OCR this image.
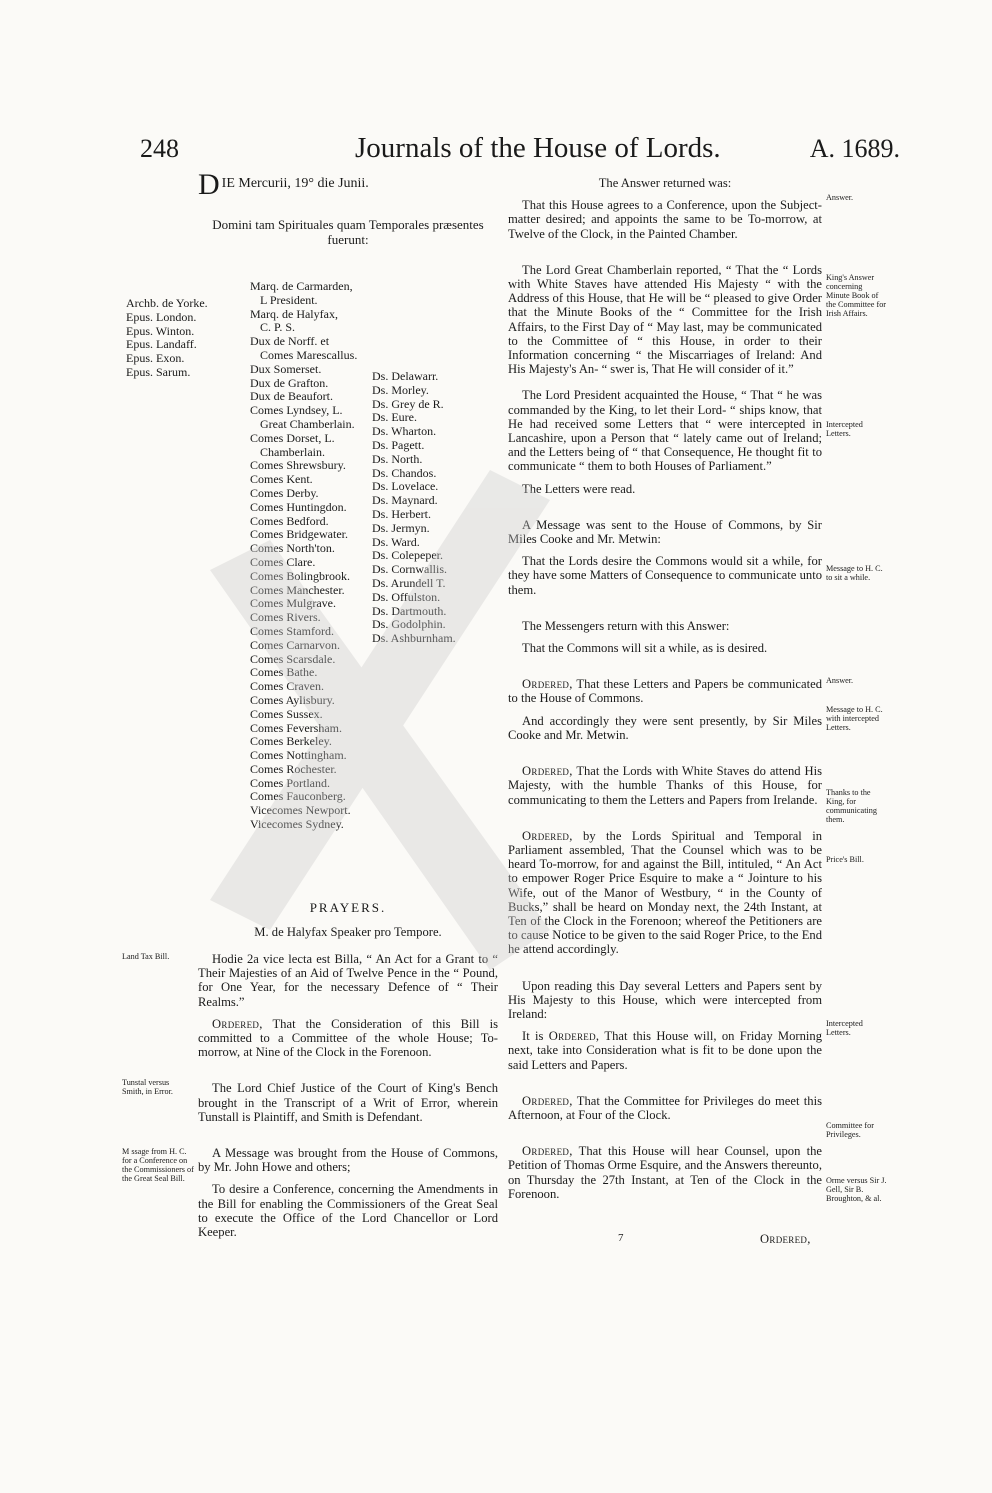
248	Journals of the House of Lords.	A. 1689.
D IE Mercurii, 19° die Junii.
Domini tam Spirituales quam Temporales præsentes
fuerunt:
Archb. de Yorke.
Epus. London.
Epus. Winton.
Epus. Landaff.
Epus. Exon.
Epus. Sarum.
Marq. de Carmarden,
L President.
Marq. de Halyfax,
C. P. S.
Dux de Norff. et
Comes Marescallus.
Dux Somerset.
Dux de Grafton.
Dux de Beaufort.
Comes Lyndsey, L.
Great Chamberlain.
Comes Dorset, L.
Chamberlain.
Comes Shrewsbury.
Comes Kent.
Comes Derby.
Comes Huntingdon.
Comes Bedford.
Comes Bridgewater.
Comes North'ton.
Comes Clare.
Comes Bolingbrook.
Comes Manchester.
Comes Mulgrave.
Comes Rivers.
Comes Stamford.
Comes Carnarvon.
Comes Scarsdale.
Comes Bathe.
Comes Craven.
Comes Aylisbury.
Comes Sussex.
Comes Feversham.
Comes Berkeley.
Comes Nottingham.
Comes Rochester.
Comes Portland.
Comes Fauconberg.
Vicecomes Newport.
Vicecomes Sydney.
Ds. Delawarr.
Ds. Morley.
Ds. Grey de R.
Ds. Eure.
Ds. Wharton.
Ds. Pagett.
Ds. North.
Ds. Chandos.
Ds. Lovelace.
Ds. Maynard.
Ds. Herbert.
Ds. Jermyn.
Ds. Ward.
Ds. Colepeper.
Ds. Cornwallis.
Ds. Arundell T.
Ds. Offulston.
Ds. Dartmouth.
Ds. Godolphin.
Ds. Ashburnham.
PRAYERS.
M. de Halyfax Speaker pro Tempore.

Hodie 2a vice lecta est Billa, “ An Act for a Grant to “ Their Majesties of an Aid of Twelve Pence in the “ Pound, for One Year, for the necessary Defence of “ Their Realms.”

Ordered, That the Consideration of this Bill is committed to a Committee of the whole House; To-morrow, at Nine of the Clock in the Forenoon.

The Lord Chief Justice of the Court of King's Bench brought in the Transcript of a Writ of Error, wherein Tunstall is Plaintiff, and Smith is Defendant.

A Message was brought from the House of Commons, by Mr. John Howe and others;

To desire a Conference, concerning the Amendments in the Bill for enabling the Commissioners of the Great Seal to execute the Office of the Lord Chancellor or Lord Keeper.

Land Tax Bill.
Tunstal versus Smith, in Error.
M ssage from H. C. for a Conference on the Commissioners of the Great Seal Bill.

The Answer returned was:

That this House agrees to a Conference, upon the Subject-matter desired; and appoints the same to be To-morrow, at Twelve of the Clock, in the Painted Chamber.

The Lord Great Chamberlain reported, “ That the “ Lords with White Staves have attended His Majesty “ with the Address of this House, that He will be “ pleased to give Order that the Minute Books of the “ Committee for the Irish Affairs, to the First Day of “ May last, may be communicated to the Committee of “ this House, in order to their Information concerning “ the Miscarriages of Ireland: And His Majesty's An- “ swer is, That He will consider of it.”

The Lord President acquainted the House, “ That “ he was commanded by the King, to let their Lord- “ ships know, that He had received some Letters that “ were intercepted in Lancashire, upon a Person that “ lately came out of Ireland; and the Letters being of “ that Consequence, He thought fit to communicate “ them to both Houses of Parliament.”

The Letters were read.

A Message was sent to the House of Commons, by Sir Miles Cooke and Mr. Metwin:

That the Lords desire the Commons would sit a while, for they have some Matters of Consequence to communicate unto them.

The Messengers return with this Answer:

That the Commons will sit a while, as is desired.

Ordered, That these Letters and Papers be communicated to the House of Commons.

And accordingly they were sent presently, by Sir Miles Cooke and Mr. Metwin.

Ordered, That the Lords with White Staves do attend His Majesty, with the humble Thanks of this House, for communicating to them the Letters and Papers from Irelande.

Ordered, by the Lords Spiritual and Temporal in Parliament assembled, That the Counsel which was to be heard To-morrow, for and against the Bill, intituled, “ An Act to empower Roger Price Esquire to make a “ Jointure to his Wife, out of the Manor of Westbury, “ in the County of Bucks,” shall be heard on Monday next, the 24th Instant, at Ten of the Clock in the Forenoon; whereof the Petitioners are to cause Notice to be given to the said Roger Price, to the End he attend accordingly.

Upon reading this Day several Letters and Papers sent by His Majesty to this House, which were intercepted from Ireland:

It is Ordered, That this House will, on Friday Morning next, take into Consideration what is fit to be done upon the said Letters and Papers.

Ordered, That the Committee for Privileges do meet this Afternoon, at Four of the Clock.

Ordered, That this House will hear Counsel, upon the Petition of Thomas Orme Esquire, and the Answers thereunto, on Thursday the 27th Instant, at Ten of the Clock in the Forenoon.

7	Ordered,
Answer.
King's Answer concerning Minute Book of the Committee for Irish Affairs.
Intercepted Letters.
Message to H. C. to sit a while.
Answer.
Message to H. C. with intercepted Letters.
Thanks to the King, for communicating them.
Price's Bill.
Intercepted Letters.
Committee for Privileges.
Orme versus Sir J. Gell, Sir B. Broughton, & al.
